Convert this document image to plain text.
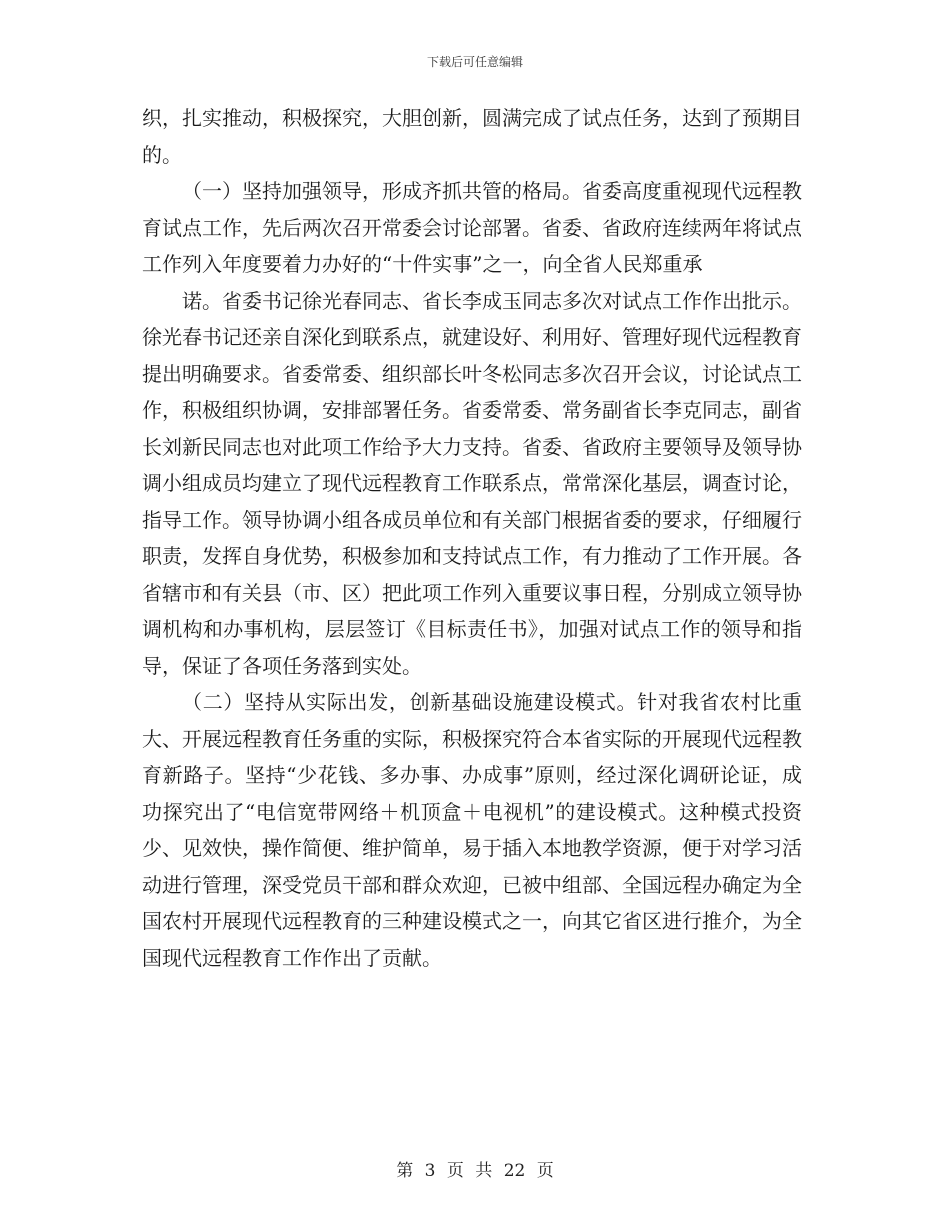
下载后可任意编辑

织，扎实推动，积极探究，大胆创新，圆满完成了试点任务，达到了预期目的。

（一）坚持加强领导，形成齐抓共管的格局。省委高度重视现代远程教育试点工作，先后两次召开常委会讨论部署。省委、省政府连续两年将试点工作列入年度要着力办好的“十件实事”之一，向全省人民郑重承

诺。省委书记徐光春同志、省长李成玉同志多次对试点工作作出批示。徐光春书记还亲自深化到联系点，就建设好、利用好、管理好现代远程教育提出明确要求。省委常委、组织部长叶冬松同志多次召开会议，讨论试点工作，积极组织协调，安排部署任务。省委常委、常务副省长李克同志，副省长刘新民同志也对此项工作给予大力支持。省委、省政府主要领导及领导协调小组成员均建立了现代远程教育工作联系点，常常深化基层，调查讨论，指导工作。领导协调小组各成员单位和有关部门根据省委的要求，仔细履行职责，发挥自身优势，积极参加和支持试点工作，有力推动了工作开展。各省辖市和有关县（市、区）把此项工作列入重要议事日程，分别成立领导协调机构和办事机构，层层签订《目标责任书》，加强对试点工作的领导和指导，保证了各项任务落到实处。

（二）坚持从实际出发，创新基础设施建设模式。针对我省农村比重大、开展远程教育任务重的实际，积极探究符合本省实际的开展现代远程教育新路子。坚持“少花钱、多办事、办成事”原则，经过深化调研论证，成功探究出了“电信宽带网络＋机顶盒＋电视机”的建设模式。这种模式投资少、见效快，操作简便、维护简单，易于插入本地教学资源，便于对学习活动进行管理，深受党员干部和群众欢迎，已被中组部、全国远程办确定为全国农村开展现代远程教育的三种建设模式之一，向其它省区进行推介，为全国现代远程教育工作作出了贡献。

第 3 页 共 22 页
